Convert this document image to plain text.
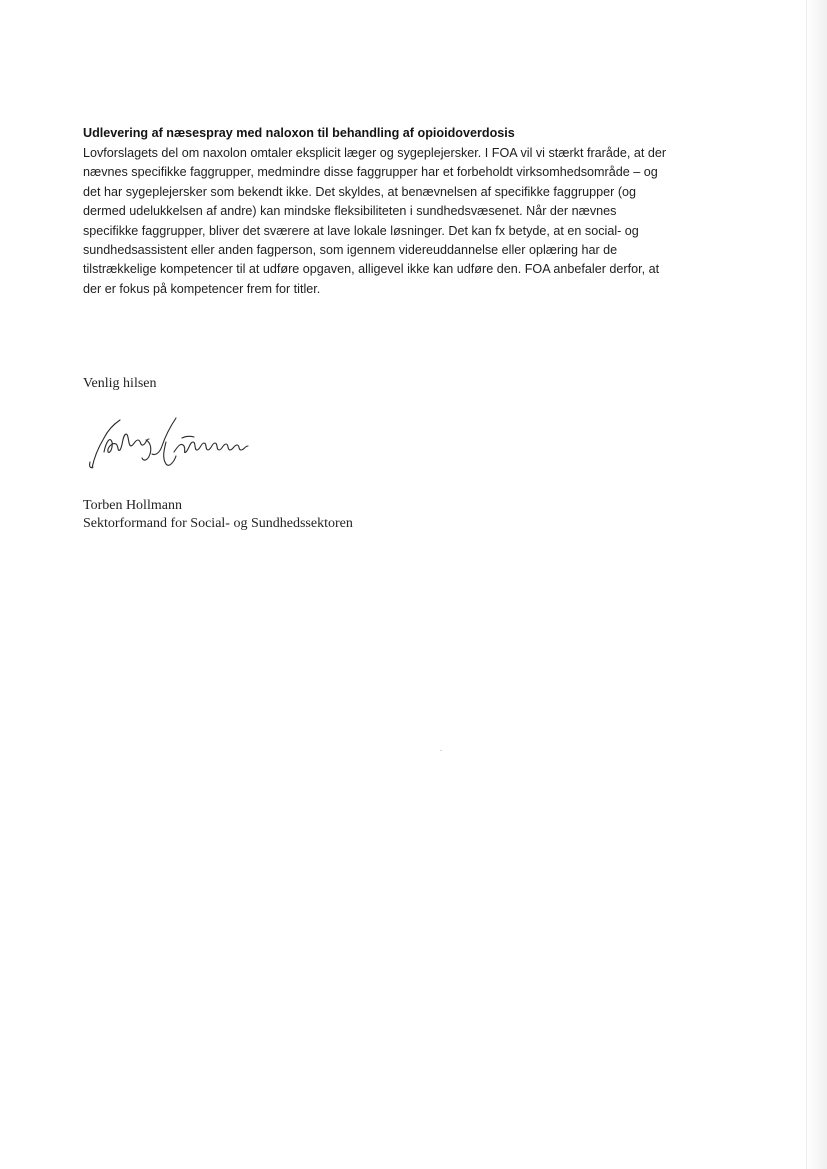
Udlevering af næsespray med naloxon til behandling af opioidoverdosis
Lovforslagets del om naxolon omtaler eksplicit læger og sygeplejersker. I FOA vil vi stærkt fraråde, at der
nævnes specifikke faggrupper, medmindre disse faggrupper har et forbeholdt virksomhedsområde – og
det har sygeplejersker som bekendt ikke. Det skyldes, at benævnelsen af specifikke faggrupper (og
dermed udelukkelsen af andre) kan mindske fleksibiliteten i sundhedsvæsenet. Når der nævnes
specifikke faggrupper, bliver det sværere at lave lokale løsninger. Det kan fx betyde, at en social- og
sundhedsassistent eller anden fagperson, som igennem videreuddannelse eller oplæring har de
tilstrækkelige kompetencer til at udføre opgaven, alligevel ikke kan udføre den. FOA anbefaler derfor, at
der er fokus på kompetencer frem for titler.
Venlig hilsen
Torben Hollmann
Sektorformand for Social- og Sundhedssektoren
